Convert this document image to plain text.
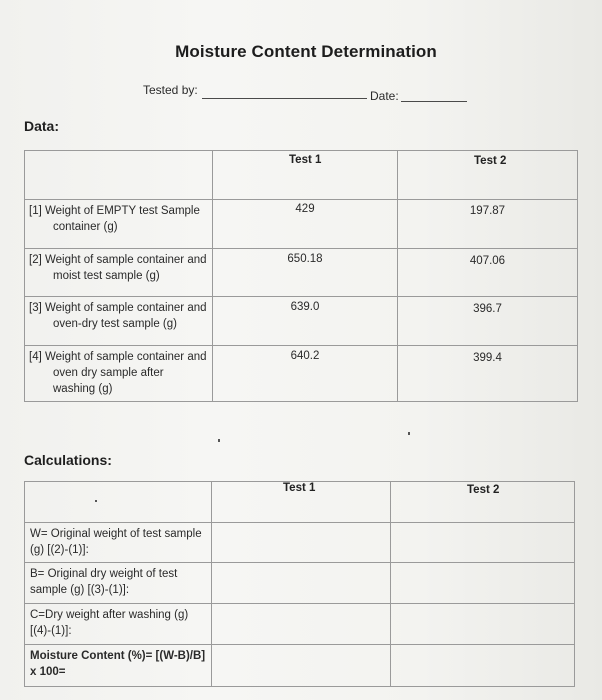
Moisture Content Determination
Tested by:	Date:
Data:
	Test 1	Test 2
[1] Weight of EMPTY test Sample container (g)	429	197.87
[2] Weight of sample container and moist test sample (g)	650.18	407.06
[3] Weight of sample container and oven-dry test sample (g)	639.0	396.7
[4] Weight of sample container and oven dry sample after washing (g)	640.2	399.4
Calculations:
	Test 1	Test 2
W= Original weight of test sample (g) [(2)-(1)]:		
B= Original dry weight of test sample (g) [(3)-(1)]:		
C=Dry weight after washing (g) [(4)-(1)]:		
Moisture Content (%)= [(W-B)/B] x 100=		
